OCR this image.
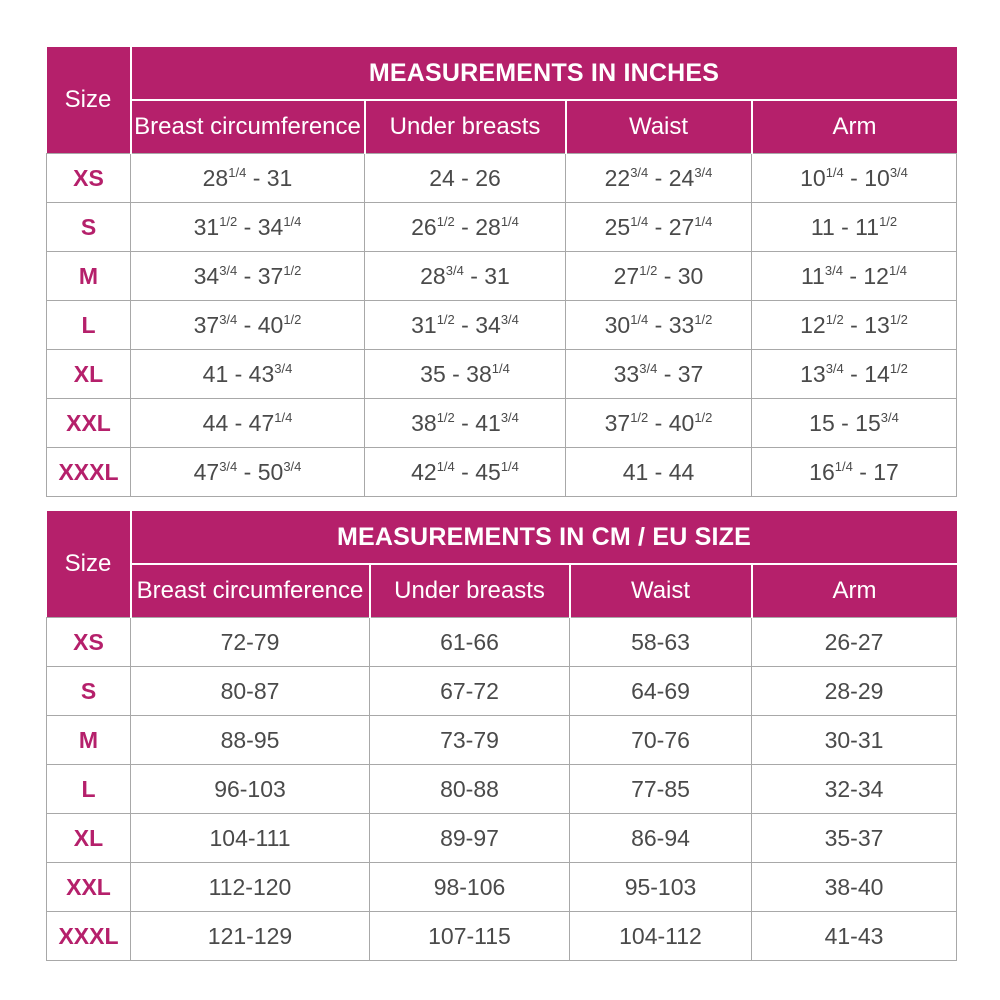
Size	MEASUREMENTS IN INCHES			
	Breast circumference	Under breasts	Waist	Arm
XS	$28^{1/4} - 31$	24 - 26	$22^{3/4} - 24^{3/4}$	$10^{1/4} - 10^{3/4}$
S	$31^{1/2} - 34^{1/4}$	$26^{1/2} - 28^{1/4}$	$25^{1/4} - 27^{1/4}$	$11 - 11^{1/2}$
M	$34^{3/4} - 37^{1/2}$	$28^{3/4} - 31$	$27^{1/2} - 30$	$11^{3/4} - 12^{1/4}$
L	$37^{3/4} - 40^{1/2}$	$31^{1/2} - 34^{3/4}$	$30^{1/4} - 33^{1/2}$	$12^{1/2} - 13^{1/2}$
XL	$41 - 43^{3/4}$	$35 - 38^{1/4}$	$33^{3/4} - 37$	$13^{3/4} - 14^{1/2}$
XXL	$44 - 47^{1/4}$	$38^{1/2} - 41^{3/4}$	$37^{1/2} - 40^{1/2}$	$15 - 15^{3/4}$
XXXL	$47^{3/4} - 50^{3/4}$	$42^{1/4} - 45^{1/4}$	41 - 44	$16^{1/4} - 17$
Size	MEASUREMENTS IN CM / EU SIZE			
	Breast circumference	Under breasts	Waist	Arm
XS	72-79	61-66	58-63	26-27
S	80-87	67-72	64-69	28-29
M	88-95	73-79	70-76	30-31
L	96-103	80-88	77-85	32-34
XL	104-111	89-97	86-94	35-37
XXL	112-120	98-106	95-103	38-40
XXXL	121-129	107-115	104-112	41-43
